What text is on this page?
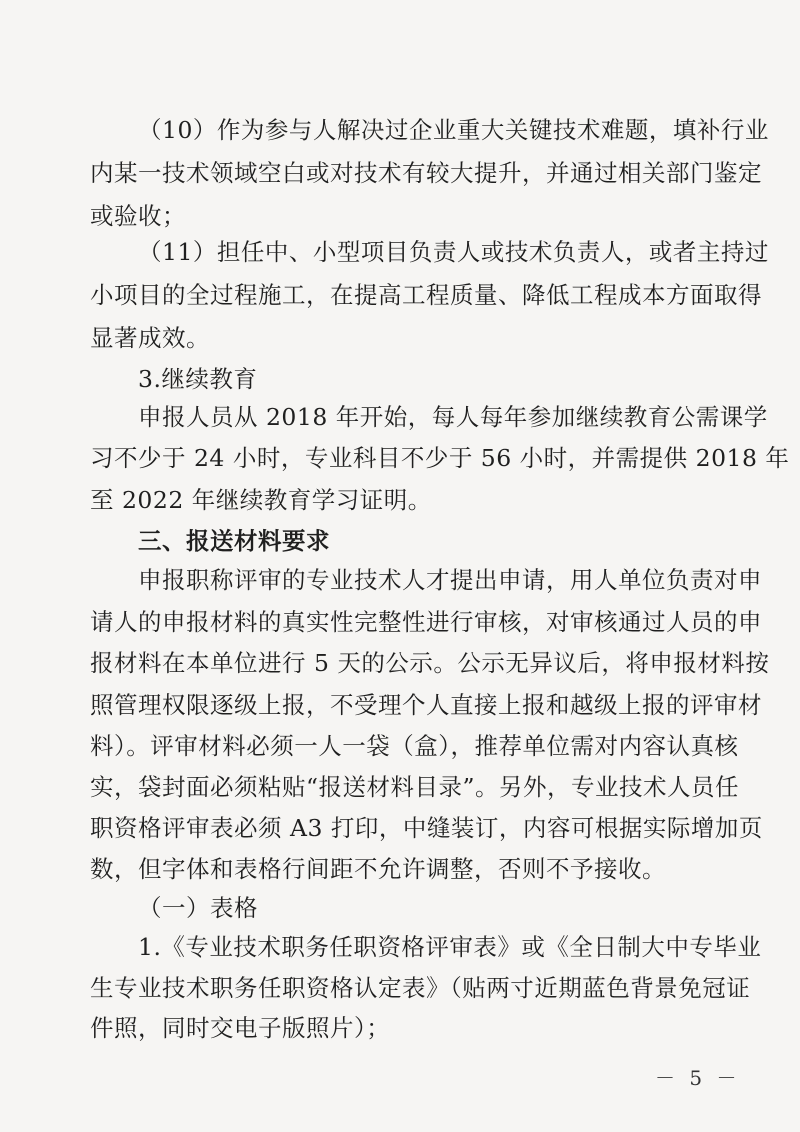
（10）作为参与人解决过企业重大关键技术难题，填补行业
内某一技术领域空白或对技术有较大提升，并通过相关部门鉴定
或验收；
（11）担任中、小型项目负责人或技术负责人，或者主持过
小项目的全过程施工，在提高工程质量、降低工程成本方面取得
显著成效。
3.继续教育
申报人员从 2018 年开始，每人每年参加继续教育公需课学
习不少于 24 小时，专业科目不少于 56 小时，并需提供 2018 年
至 2022 年继续教育学习证明。
三、报送材料要求
申报职称评审的专业技术人才提出申请，用人单位负责对申
请人的申报材料的真实性完整性进行审核，对审核通过人员的申
报材料在本单位进行 5 天的公示。公示无异议后，将申报材料按
照管理权限逐级上报，不受理个人直接上报和越级上报的评审材
料）。评审材料必须一人一袋（盒），推荐单位需对内容认真核
实，袋封面必须粘贴“报送材料目录”。另外，专业技术人员任
职资格评审表必须 A3 打印，中缝装订，内容可根据实际增加页
数，但字体和表格行间距不允许调整，否则不予接收。
（一）表格
1.《专业技术职务任职资格评审表》或《全日制大中专毕业
生专业技术职务任职资格认定表》（贴两寸近期蓝色背景免冠证
件照，同时交电子版照片）；
－ 5 －
